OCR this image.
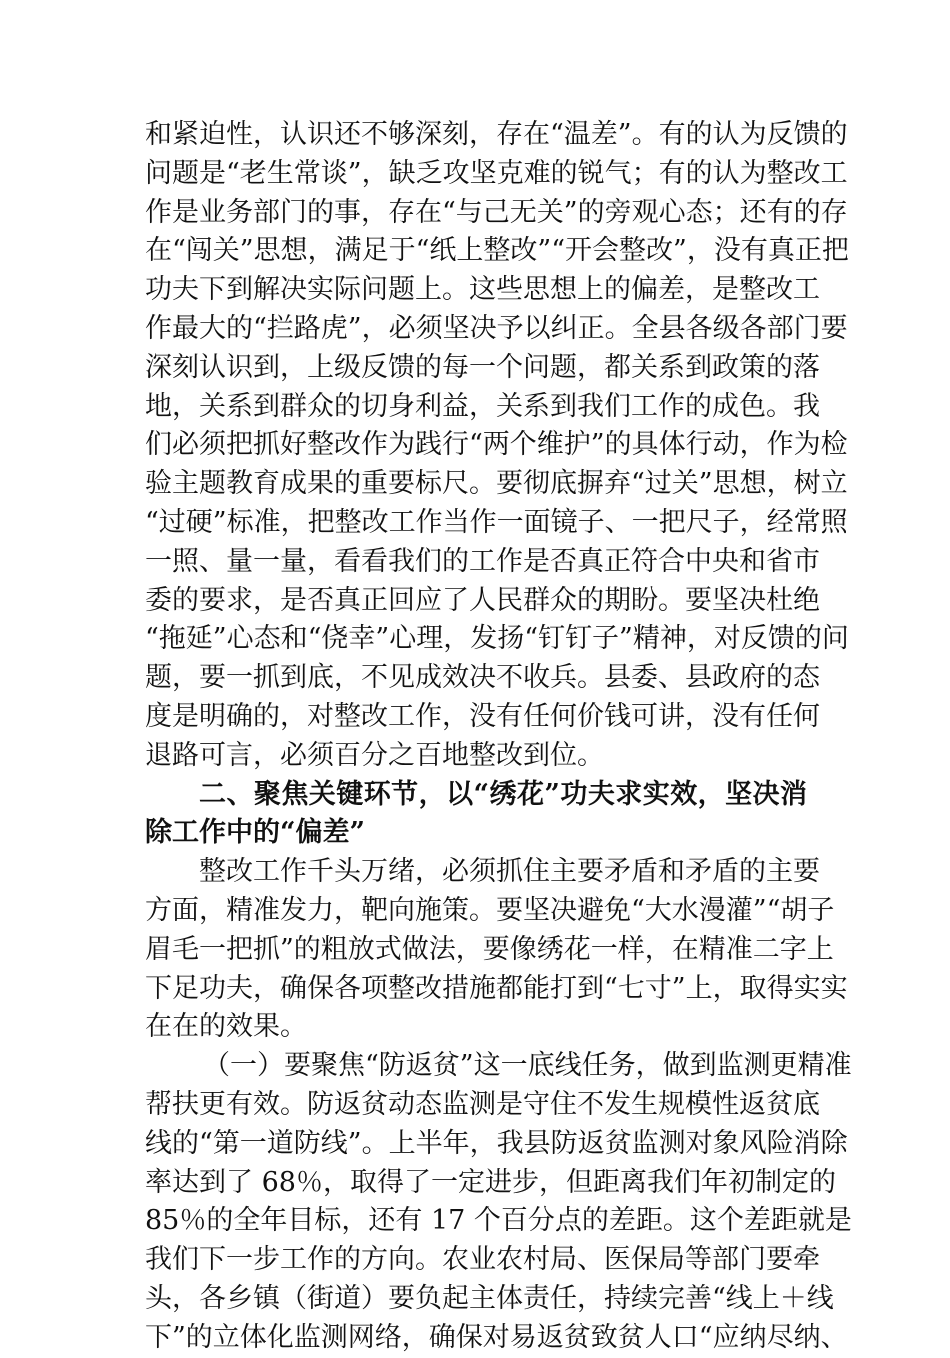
和紧迫性，认识还不够深刻，存在“温差”。有的认为反馈的
问题是“老生常谈”，缺乏攻坚克难的锐气；有的认为整改工
作是业务部门的事，存在“与己无关”的旁观心态；还有的存
在“闯关”思想，满足于“纸上整改”“开会整改”，没有真正把
功夫下到解决实际问题上。这些思想上的偏差，是整改工
作最大的“拦路虎”，必须坚决予以纠正。全县各级各部门要
深刻认识到，上级反馈的每一个问题，都关系到政策的落
地，关系到群众的切身利益，关系到我们工作的成色。我
们必须把抓好整改作为践行“两个维护”的具体行动，作为检
验主题教育成果的重要标尺。要彻底摒弃“过关”思想，树立
“过硬”标准，把整改工作当作一面镜子、一把尺子，经常照
一照、量一量，看看我们的工作是否真正符合中央和省市
委的要求，是否真正回应了人民群众的期盼。要坚决杜绝
“拖延”心态和“侥幸”心理，发扬“钉钉子”精神，对反馈的问
题，要一抓到底，不见成效决不收兵。县委、县政府的态
度是明确的，对整改工作，没有任何价钱可讲，没有任何
退路可言，必须百分之百地整改到位。
二、聚焦关键环节，以“绣花”功夫求实效，坚决消
除工作中的“偏差”
整改工作千头万绪，必须抓住主要矛盾和矛盾的主要
方面，精准发力，靶向施策。要坚决避免“大水漫灌”“胡子
眉毛一把抓”的粗放式做法，要像绣花一样，在精准二字上
下足功夫，确保各项整改措施都能打到“七寸”上，取得实实
在在的效果。
（一）要聚焦“防返贫”这一底线任务，做到监测更精准
帮扶更有效。防返贫动态监测是守住不发生规模性返贫底
线的“第一道防线”。上半年，我县防返贫监测对象风险消除
率达到了 68％，取得了一定进步，但距离我们年初制定的
85％的全年目标，还有 17 个百分点的差距。这个差距就是
我们下一步工作的方向。农业农村局、医保局等部门要牵
头，各乡镇（街道）要负起主体责任，持续完善“线上＋线
下”的立体化监测网络，确保对易返贫致贫人口“应纳尽纳、
